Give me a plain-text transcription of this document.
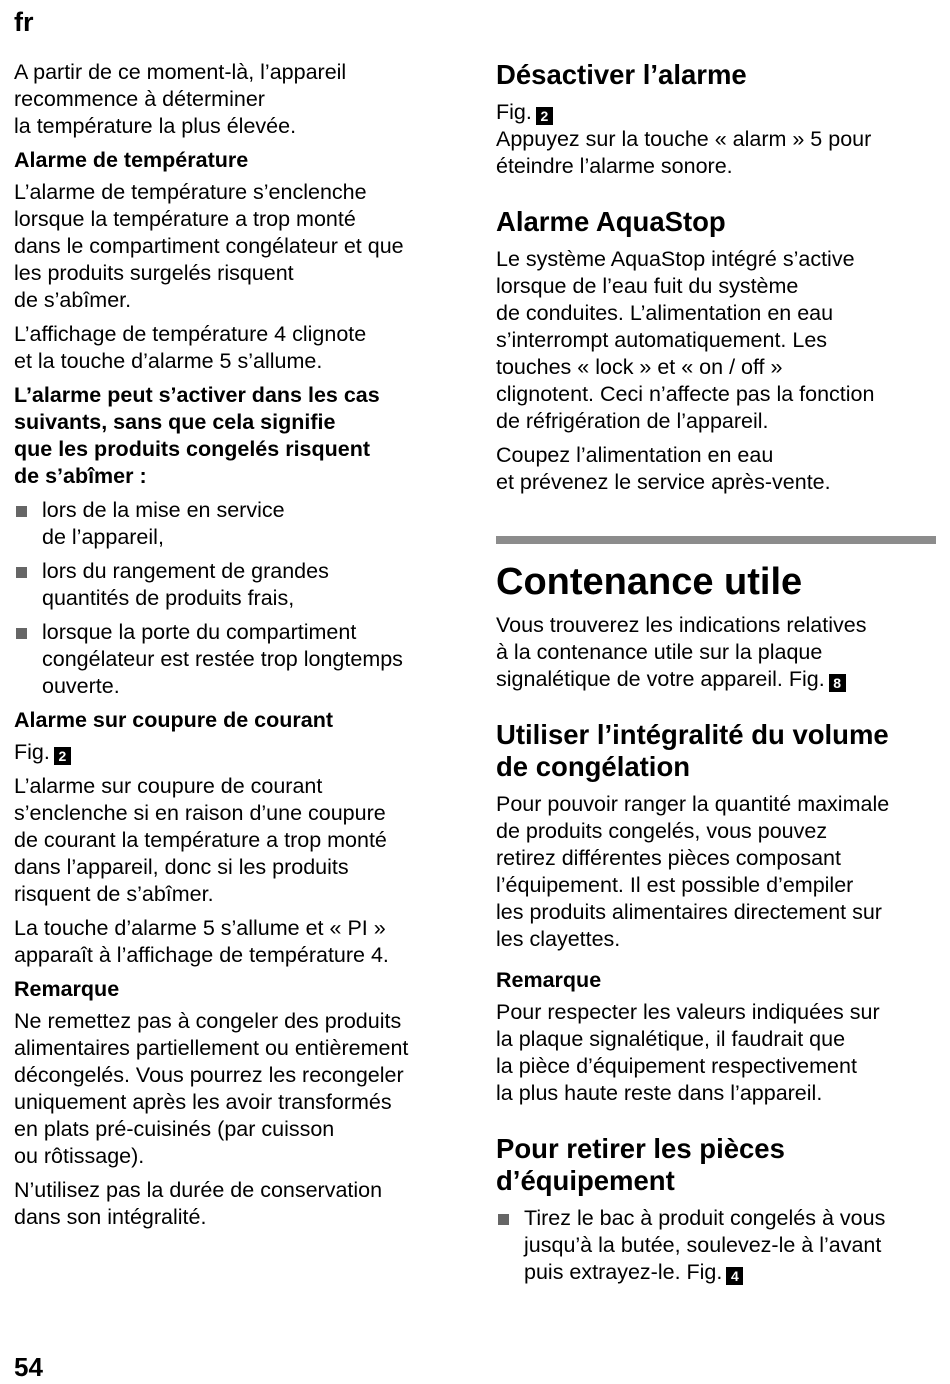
fr

A partir de ce moment-là, l’appareil
recommence à déterminer
la température la plus élevée.

Alarme de température

L’alarme de température s’enclenche
lorsque la température a trop monté
dans le compartiment congélateur et que
les produits surgelés risquent
de s’abîmer.

L’affichage de température 4 clignote
et la touche d’alarme 5 s’allume.

L’alarme peut s’activer dans les cas
suivants, sans que cela signifie
que les produits congelés risquent
de s’abîmer :

lors de la mise en service
de l’appareil,
lors du rangement de grandes
quantités de produits frais,
lorsque la porte du compartiment
congélateur est restée trop longtemps
ouverte.
Alarme sur coupure de courant

Fig. 2

L’alarme sur coupure de courant
s’enclenche si en raison d’une coupure
de courant la température a trop monté
dans l’appareil, donc si les produits
risquent de s’abîmer.

La touche d’alarme 5 s’allume et « PI »
apparaît à l’affichage de température 4.

Remarque

Ne remettez pas à congeler des produits
alimentaires partiellement ou entièrement
décongelés. Vous pourrez les recongeler
uniquement après les avoir transformés
en plats pré-cuisinés (par cuisson
ou rôtissage).

N’utilisez pas la durée de conservation
dans son intégralité.

Désactiver l’alarme

Fig. 2

Appuyez sur la touche « alarm » 5 pour
éteindre l’alarme sonore.

Alarme AquaStop

Le système AquaStop intégré s’active
lorsque de l’eau fuit du système
de conduites. L’alimentation en eau
s’interrompt automatiquement. Les
touches « lock » et « on / off »
clignotent. Ceci n’affecte pas la fonction
de réfrigération de l’appareil.

Coupez l’alimentation en eau
et prévenez le service après-vente.

Contenance utile

Vous trouverez les indications relatives
à la contenance utile sur la plaque
signalétique de votre appareil. Fig. 8

Utiliser l’intégralité du volume
de congélation

Pour pouvoir ranger la quantité maximale
de produits congelés, vous pouvez
retirez différentes pièces composant
l’équipement. Il est possible d’empiler
les produits alimentaires directement sur
les clayettes.

Remarque

Pour respecter les valeurs indiquées sur
la plaque signalétique, il faudrait que
la pièce d’équipement respectivement
la plus haute reste dans l’appareil.

Pour retirer les pièces
d’équipement
Tirez le bac à produit congelés à vous
jusqu’à la butée, soulevez-le à l’avant
puis extrayez-le. Fig. 4
54
